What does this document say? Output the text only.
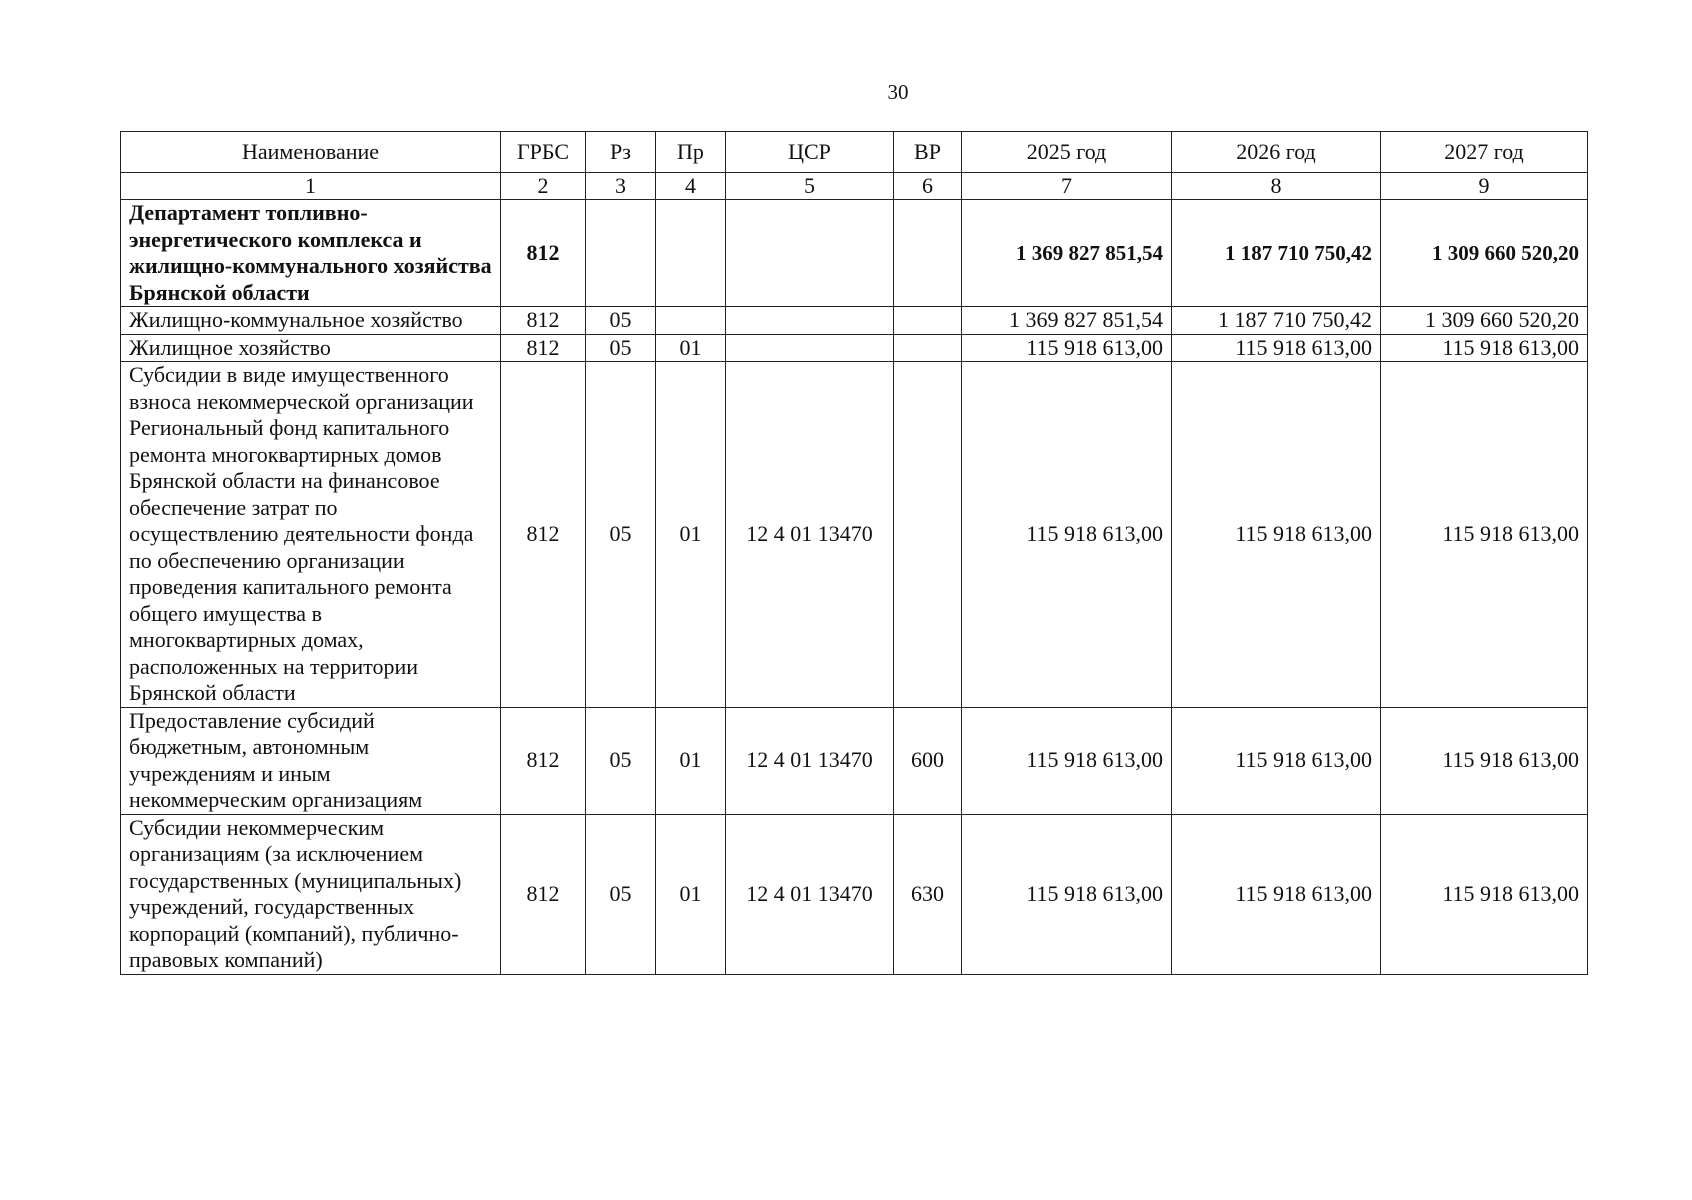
30
Наименование	ГРБС	Рз	Пр	ЦСР	ВР	2025 год	2026 год	2027 год
1	2	3	4	5	6	7	8	9
Департамент топливно-энергетического комплекса и жилищно-коммунального хозяйства Брянской области	812					1 369 827 851,54	1 187 710 750,42	1 309 660 520,20
Жилищно-коммунальное хозяйство	812	05				1 369 827 851,54	1 187 710 750,42	1 309 660 520,20
Жилищное хозяйство	812	05	01			115 918 613,00	115 918 613,00	115 918 613,00
Субсидии в виде имущественного взноса некоммерческой организации Региональный фонд капитального ремонта многоквартирных домов Брянской области на финансовое обеспечение затрат по осуществлению деятельности фонда по обеспечению организации проведения капитального ремонта общего имущества в многоквартирных домах, расположенных на территории Брянской области	812	05	01	12 4 01 13470		115 918 613,00	115 918 613,00	115 918 613,00
Предоставление субсидий бюджетным, автономным учреждениям и иным некоммерческим организациям	812	05	01	12 4 01 13470	600	115 918 613,00	115 918 613,00	115 918 613,00
Субсидии некоммерческим организациям (за исключением государственных (муниципальных) учреждений, государственных корпораций (компаний), публично-правовых компаний)	812	05	01	12 4 01 13470	630	115 918 613,00	115 918 613,00	115 918 613,00
